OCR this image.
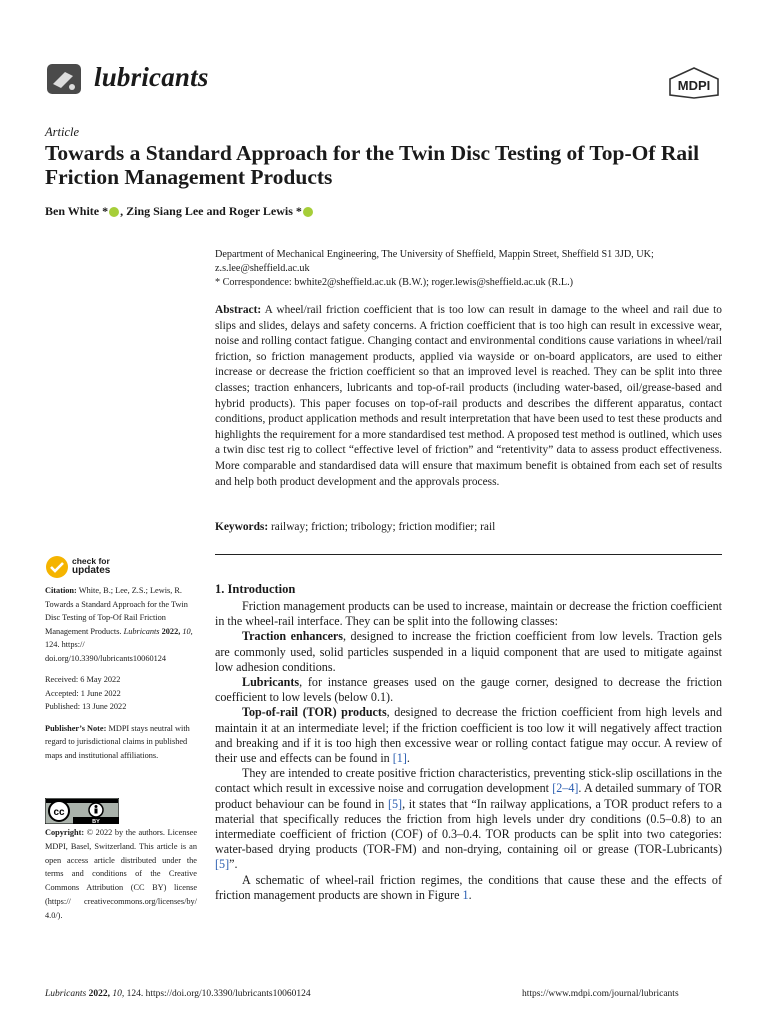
lubricants	MDPI
Article
Towards a Standard Approach for the Twin Disc Testing of Top-Of Rail Friction Management Products
Ben White * , Zing Siang Lee and Roger Lewis *
Department of Mechanical Engineering, The University of Sheffield, Mappin Street, Sheffield S1 3JD, UK;
z.s.lee@sheffield.ac.uk
* Correspondence: bwhite2@sheffield.ac.uk (B.W.); roger.lewis@sheffield.ac.uk (R.L.)
Abstract: A wheel/rail friction coefficient that is too low can result in damage to the wheel and rail due to slips and slides, delays and safety concerns. A friction coefficient that is too high can result in excessive wear, noise and rolling contact fatigue. Changing contact and environmental conditions cause variations in wheel/rail friction, so friction management products, applied via wayside or on-board applicators, are used to either increase or decrease the friction coefficient so that an improved level is reached. They can be split into three classes; traction enhancers, lubricants and top-of-rail products (including water-based, oil/grease-based and hybrid products). This paper focuses on top-of-rail products and describes the different apparatus, contact conditions, product application methods and result interpretation that have been used to test these products and highlights the requirement for a more standardised test method. A proposed test method is outlined, which uses a twin disc test rig to collect “effective level of friction” and “retentivity” data to assess product effectiveness. More comparable and standardised data will ensure that maximum benefit is obtained from each set of results and help both product development and the approvals process.
Keywords: railway; friction; tribology; friction modifier; rail
check for
updates

Citation: White, B.; Lee, Z.S.; Lewis, R. Towards a Standard Approach for the Twin Disc Testing of Top-Of Rail Friction Management Products. Lubricants 2022, 10, 124. https:// doi.org/10.3390/lubricants10060124

Received: 6 May 2022
Accepted: 1 June 2022
Published: 13 June 2022

Publisher’s Note: MDPI stays neutral with regard to jurisdictional claims in published maps and institutional affiliations.

cc
BY
Copyright: © 2022 by the authors. Licensee MDPI, Basel, Switzerland. This article is an open access article distributed under the terms and conditions of the Creative Commons Attribution (CC BY) license (https:// creativecommons.org/licenses/by/ 4.0/).
1. Introduction

Friction management products can be used to increase, maintain or decrease the friction coefficient in the wheel-rail interface. They can be split into the following classes:

Traction enhancers, designed to increase the friction coefficient from low levels. Traction gels are commonly used, solid particles suspended in a liquid component that are used to mitigate against low adhesion conditions.

Lubricants, for instance greases used on the gauge corner, designed to decrease the friction coefficient to low levels (below 0.1).

Top-of-rail (TOR) products, designed to decrease the friction coefficient from high levels and maintain it at an intermediate level; if the friction coefficient is too low it will negatively affect traction and breaking and if it is too high then excessive wear or rolling contact fatigue may occur. A review of their use and effects can be found in [1].

They are intended to create positive friction characteristics, preventing stick-slip oscillations in the contact which result in excessive noise and corrugation development [2–4]. A detailed summary of TOR product behaviour can be found in [5], it states that “In railway applications, a TOR product refers to a material that specifically reduces the friction from high levels under dry conditions (0.5–0.8) to an intermediate coefficient of friction (COF) of 0.3–0.4. TOR products can be split into two categories: water-based drying products (TOR-FM) and non-drying, containing oil or grease (TOR-Lubricants) [5]”.

A schematic of wheel-rail friction regimes, the conditions that cause these and the effects of friction management products are shown in Figure 1.

Lubricants 2022, 10, 124. https://doi.org/10.3390/lubricants10060124	https://www.mdpi.com/journal/lubricants
